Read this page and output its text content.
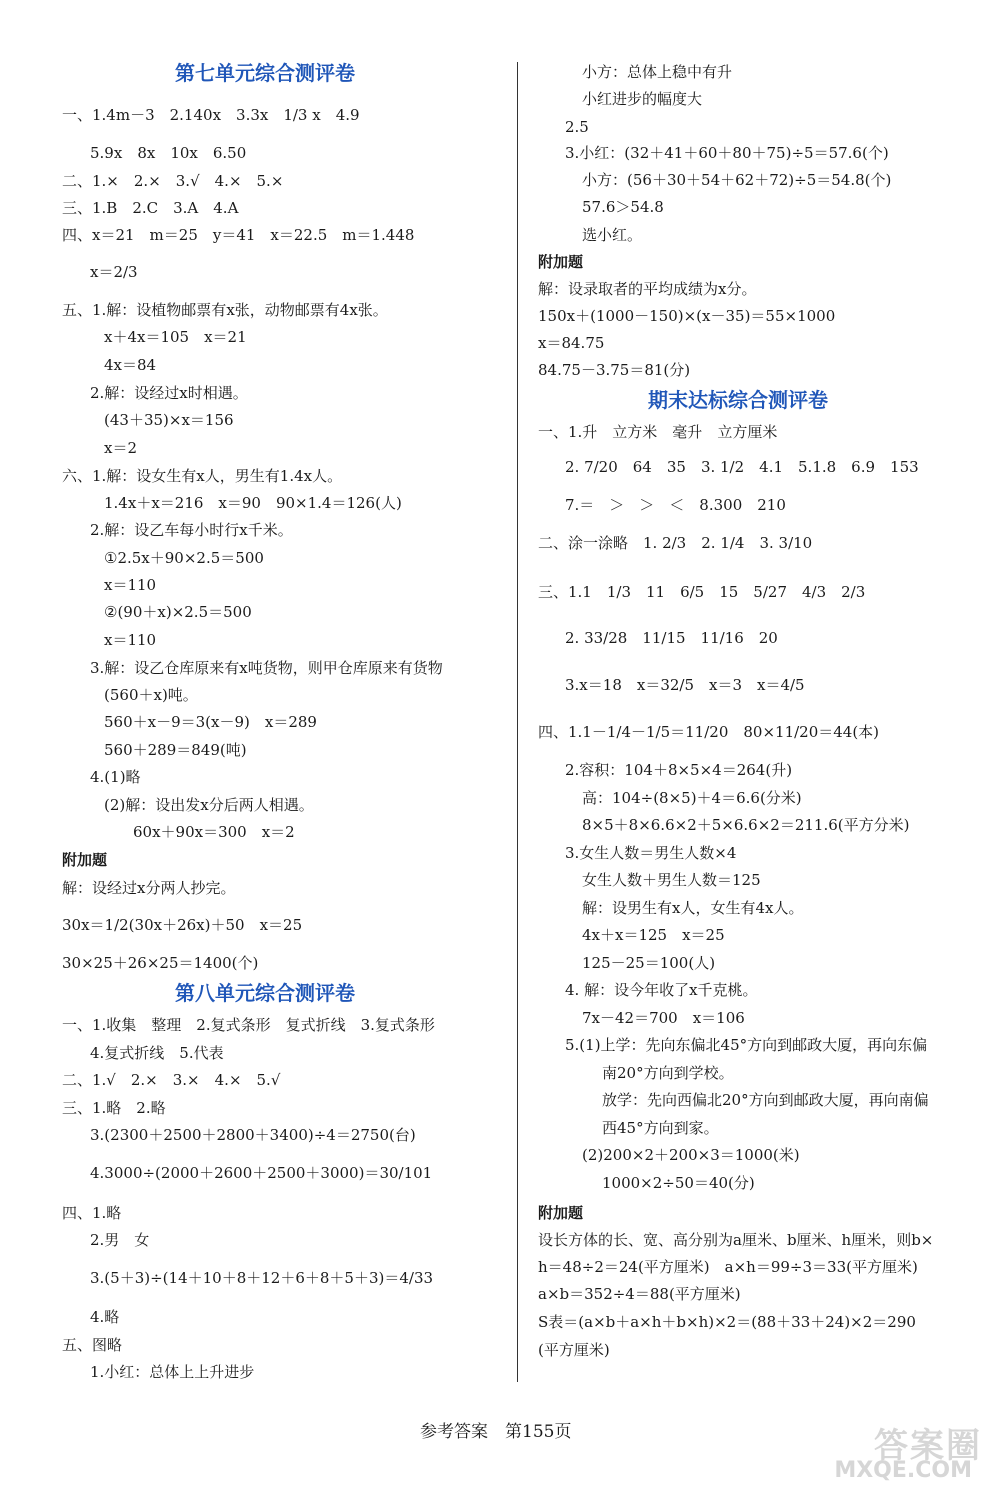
第七单元综合测评卷
一、1.4m－3　2.140x　3.3x　1/3 x　4.9
5.9x　8x　10x　6.50
二、1.×　2.×　3.√　4.×　5.×
三、1.B　2.C　3.A　4.A
四、x＝21　m＝25　y＝41　x＝22.5　m＝1.448
x＝2/3
五、1.解：设植物邮票有x张，动物邮票有4x张。
x＋4x＝105　x＝21
4x＝84
2.解：设经过x时相遇。
(43＋35)×x＝156
x＝2
六、1.解：设女生有x人，男生有1.4x人。
1.4x＋x＝216　x＝90　90×1.4＝126(人)
2.解：设乙车每小时行x千米。
①2.5x＋90×2.5＝500
x＝110
②(90＋x)×2.5＝500
x＝110
3.解：设乙仓库原来有x吨货物，则甲仓库原来有货物
(560＋x)吨。
560＋x－9＝3(x－9)　x＝289
560＋289＝849(吨)
4.(1)略
(2)解：设出发x分后两人相遇。
60x＋90x＝300　x＝2
附加题
解：设经过x分两人抄完。
30x＝1/2(30x＋26x)＋50　x＝25
30×25＋26×25＝1400(个)
第八单元综合测评卷
一、1.收集　整理　2.复式条形　复式折线　3.复式条形
4.复式折线　5.代表
二、1.√　2.×　3.×　4.×　5.√
三、1.略　2.略
3.(2300＋2500＋2800＋3400)÷4＝2750(台)
4.3000÷(2000＋2600＋2500＋3000)＝30/101
四、1.略
2.男　女
3.(5＋3)÷(14＋10＋8＋12＋6＋8＋5＋3)＝4/33
4.略
五、图略
1.小红：总体上上升进步
小方：总体上稳中有升
小红进步的幅度大
2.5
3.小红：(32＋41＋60＋80＋75)÷5＝57.6(个)
小方：(56＋30＋54＋62＋72)÷5＝54.8(个)
57.6＞54.8
选小红。
附加题
解：设录取者的平均成绩为x分。
150x＋(1000－150)×(x－35)＝55×1000
x＝84.75
84.75－3.75＝81(分)
期末达标综合测评卷
一、1.升　立方米　毫升　立方厘米
2. 7/20　64　35　3. 1/2　4.1　5.1.8　6.9　153
7.＝　＞　＞　＜　8.300　210
二、涂一涂略　1. 2/3　2. 1/4　3. 3/10
三、1.1　1/3　11　6/5　15　5/27　4/3　2/3
2. 33/28　11/15　11/16　20
3.x＝18　x＝32/5　x＝3　x＝4/5
四、1.1－1/4－1/5＝11/20　80×11/20＝44(本)
2.容积：104＋8×5×4＝264(升)
高：104÷(8×5)＋4＝6.6(分米)
8×5＋8×6.6×2＋5×6.6×2＝211.6(平方分米)
3.女生人数＝男生人数×4
女生人数＋男生人数＝125
解：设男生有x人，女生有4x人。
4x＋x＝125　x＝25
125－25＝100(人)
4. 解：设今年收了x千克桃。
7x－42＝700　x＝106
5.(1)上学：先向东偏北45°方向到邮政大厦，再向东偏
南20°方向到学校。
放学：先向西偏北20°方向到邮政大厦，再向南偏
西45°方向到家。
(2)200×2＋200×3＝1000(米)
1000×2÷50＝40(分)
附加题
设长方体的长、宽、高分别为a厘米、b厘米、h厘米，则b×
h＝48÷2＝24(平方厘米)　a×h＝99÷3＝33(平方厘米)
a×b＝352÷4＝88(平方厘米)
S表＝(a×b＋a×h＋b×h)×2＝(88＋33＋24)×2＝290
(平方厘米)
参考答案　第155页	答案圈
MXQE.COM
